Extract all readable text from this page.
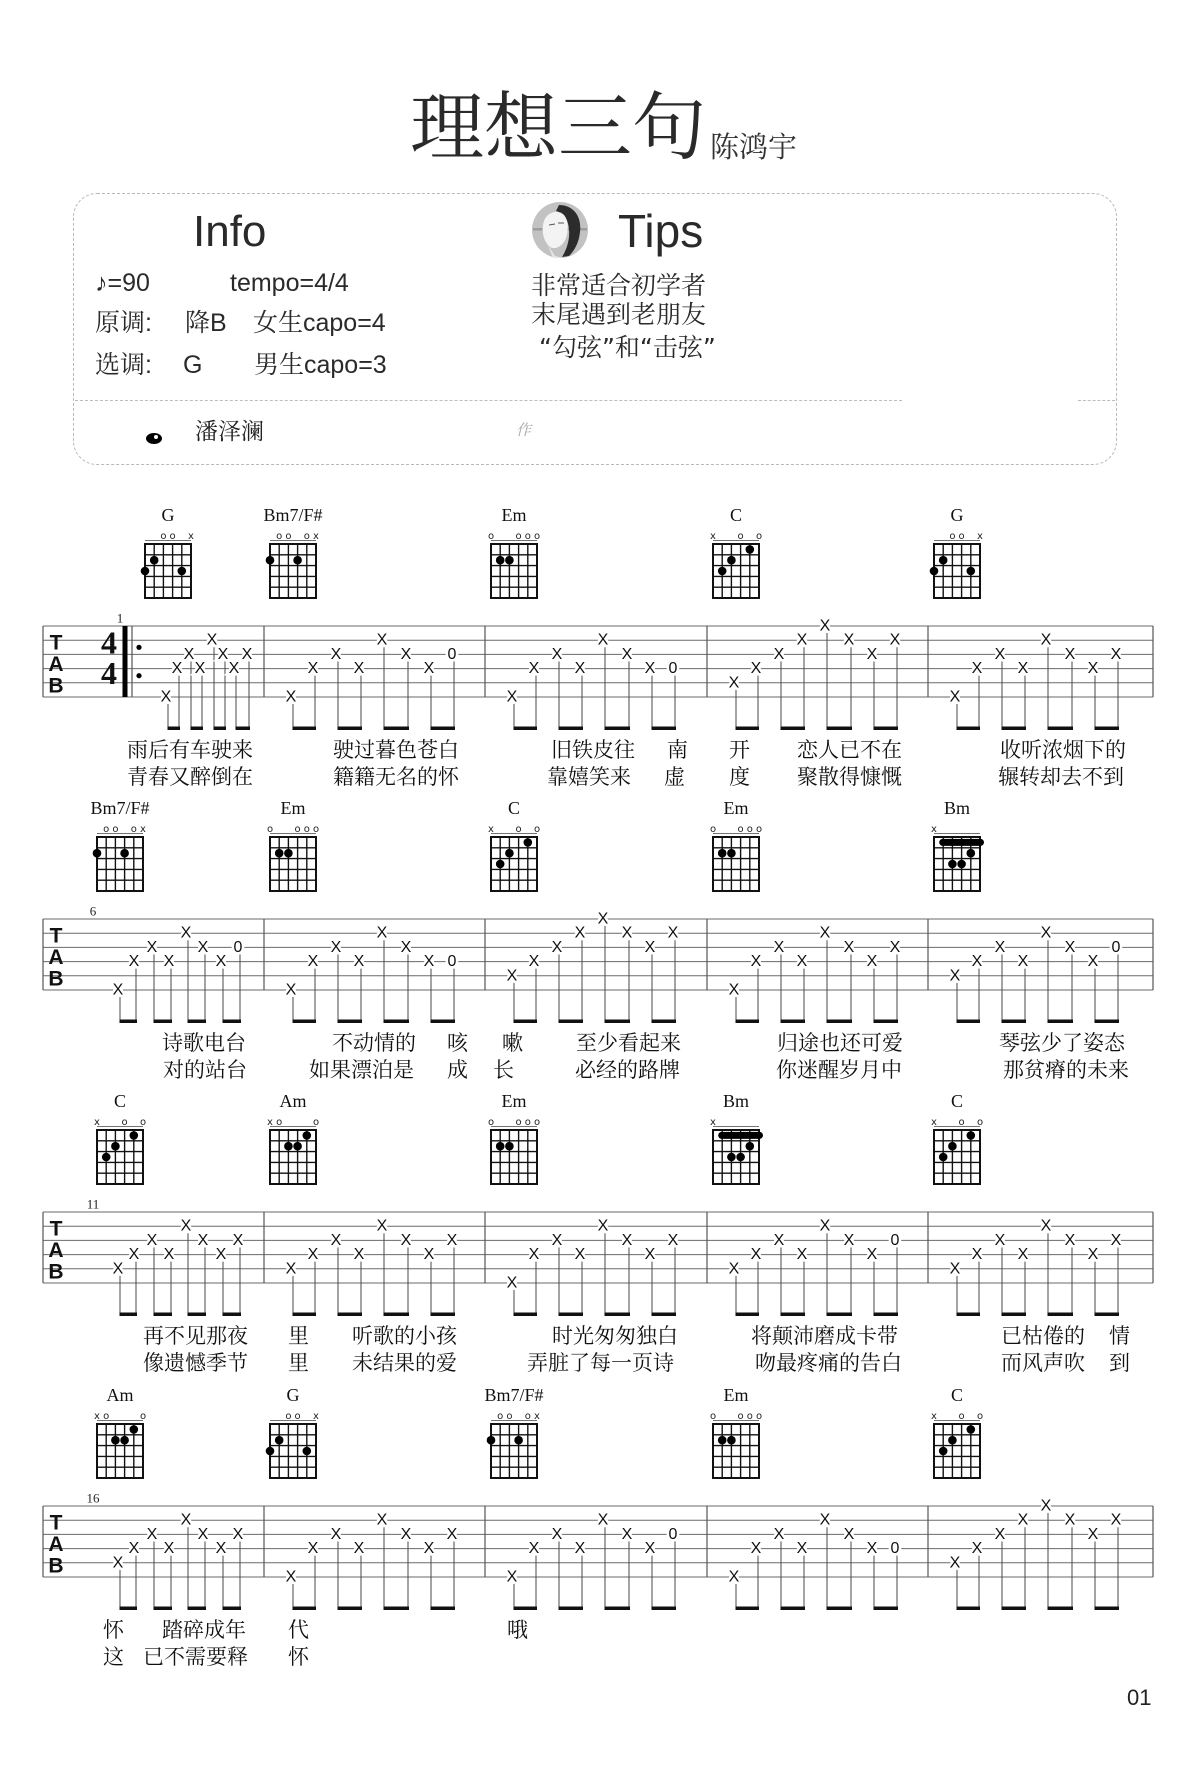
理想三句 陈鸿宇
Info
♪=90	tempo=4/4
原调: 降B 女生capo=4
选调: G 男生capo=3
Tips
非常适合初学者
末尾遇到老朋友
“勾弦”和“击弦”
潘泽澜	作
T
A
B
4
4
1
G
o o x
X
X
X
X
X
X
X
X
Bm7/F#
o o o x
X
X
X
X
X
X
X
0
Em
o o o o
X
X
X
X
X
X
X 0
C
x o o
X
X
X
X
X
X
X
X
G
o o x
X
X
X
X
X
X
X
X
雨后有车驶来	驶过暮色苍白	旧铁皮往 南 开 恋人已不在	收听浓烟下的
青春又醉倒在	籍籍无名的怀	靠嬉笑来 虚 度 聚散得慷慨	辗转却去不到
T
A
B
6
Bm7/F#
o o o x
X
X
X
X
X
X
X
0
Em
o o o o
X
X
X
X
X
X
X 0
C
x o o
X
X
X
X
X
X
X
X
Em
o o o o
X
X
X
X
X
X
X
X
Bm
x
X
X
X
X
X
X
X
0
诗歌电台	不动情的 咳 嗽	至少看起来	归途也还可爱	琴弦少了姿态
对的站台	如果漂泊是 成 长	必经的路牌	你迷醒岁月中	那贫瘠的未来
T
A
B
11
C
x o o
X
X
X
X
X
X
X
X
Am
x o	o
X
X
X
X
X
X
X
X
Em
o o o o
X
X
X
X
X
X
X
X
Bm
x
X
X
X
X
X
X
X
0
C
x o o
X
X
X
X
X
X
X
X
再不见那夜 里 听歌的小孩	时光匆匆独白	将颠沛磨成卡带	已枯倦的 情
像遗憾季节 里 未结果的爱	弄脏了每一页诗	吻最疼痛的告白	而风声吹 到
T
A
B
16
Am
x o	o
X
X
X
X
X
X
X
X
G
o o x
X
X
X
X
X
X
X
X
Bm7/F#
o o o x
X
X
X
X
X
X
X
0
Em
o o o o
X
X
X
X
X
X
X 0
C
x o o
X
X
X
X
X
X
X
X
怀 踏碎成年 代	哦
这 已不需要释 怀
01
